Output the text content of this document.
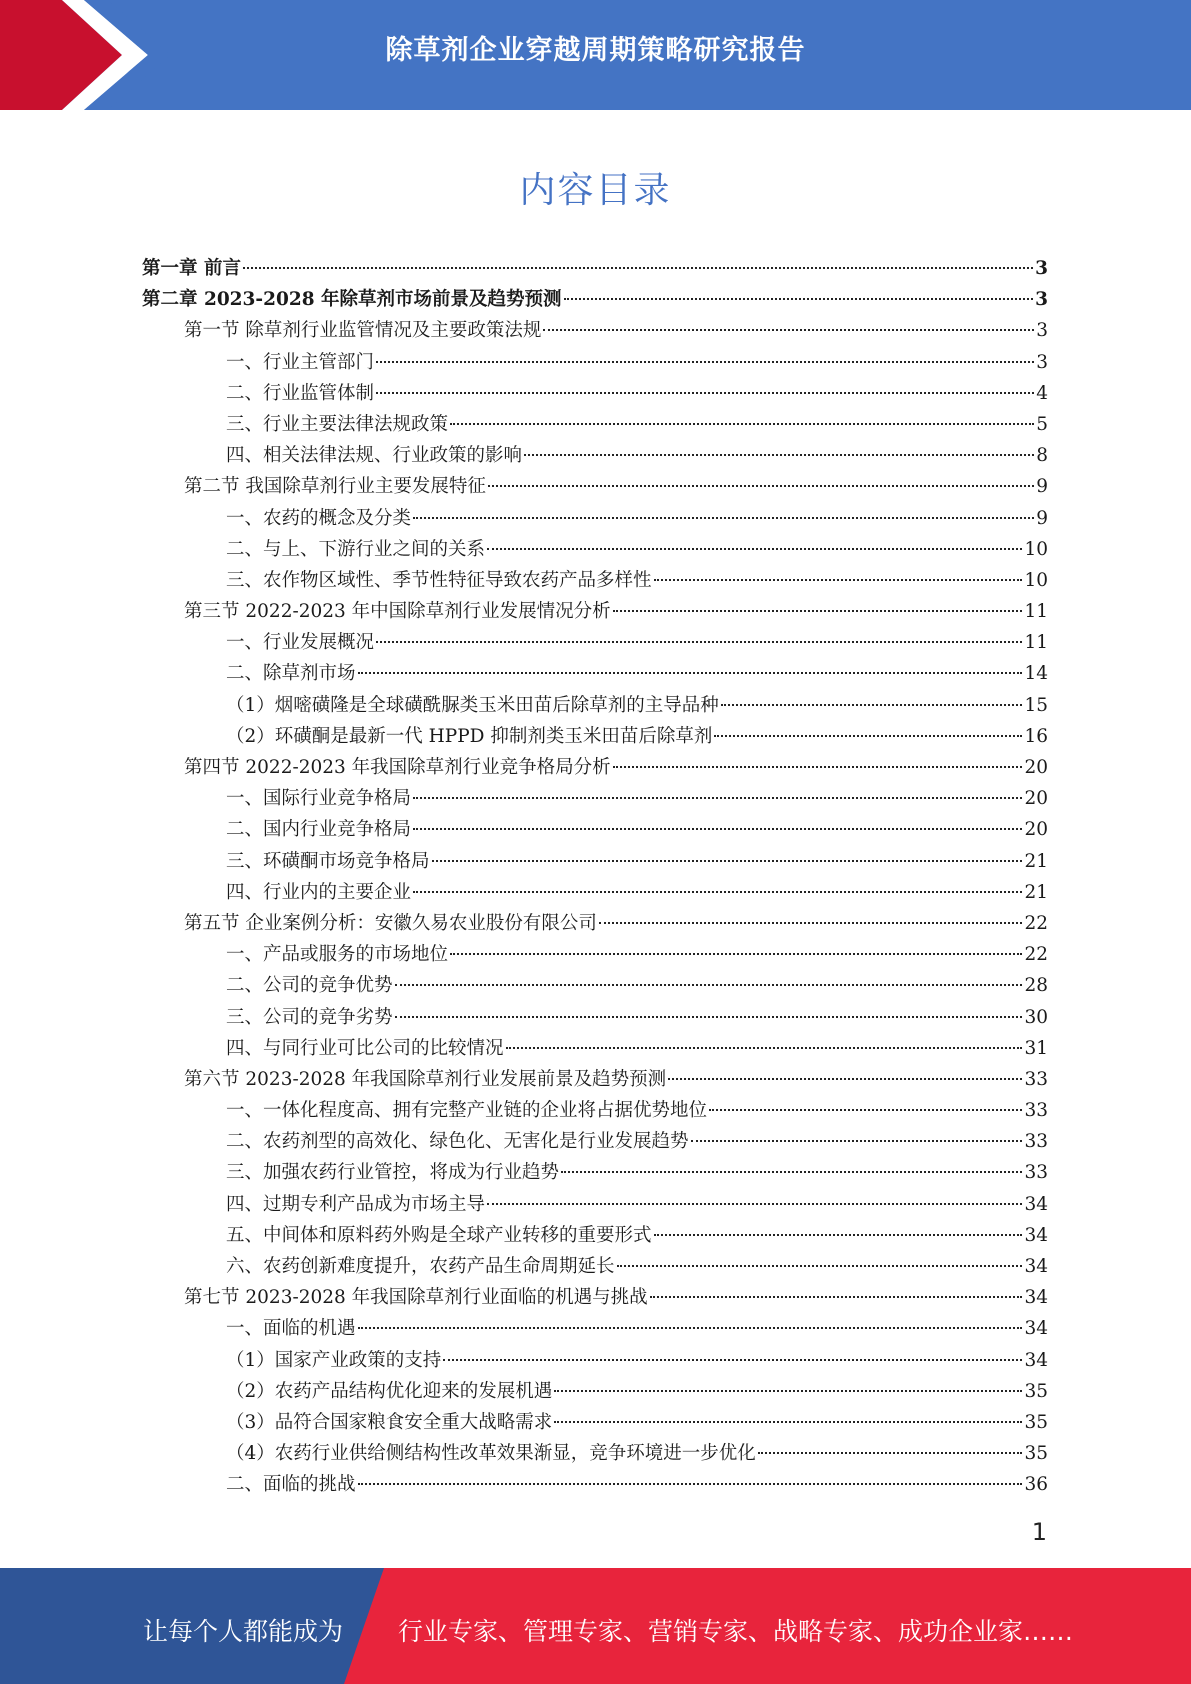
除草剂企业穿越周期策略研究报告
内容目录
第一章 前言	3
第二章 2023-2028 年除草剂市场前景及趋势预测	3
第一节 除草剂行业监管情况及主要政策法规	3
一、行业主管部门	3
二、行业监管体制	4
三、行业主要法律法规政策	5
四、相关法律法规、行业政策的影响	8
第二节 我国除草剂行业主要发展特征	9
一、农药的概念及分类	9
二、与上、下游行业之间的关系	10
三、农作物区域性、季节性特征导致农药产品多样性	10
第三节 2022-2023 年中国除草剂行业发展情况分析	11
一、行业发展概况	11
二、除草剂市场	14
（1）烟嘧磺隆是全球磺酰脲类玉米田苗后除草剂的主导品种	15
（2）环磺酮是最新一代 HPPD 抑制剂类玉米田苗后除草剂	16
第四节 2022-2023 年我国除草剂行业竞争格局分析	20
一、国际行业竞争格局	20
二、国内行业竞争格局	20
三、环磺酮市场竞争格局	21
四、行业内的主要企业	21
第五节 企业案例分析：安徽久易农业股份有限公司	22
一、产品或服务的市场地位	22
二、公司的竞争优势	28
三、公司的竞争劣势	30
四、与同行业可比公司的比较情况	31
第六节 2023-2028 年我国除草剂行业发展前景及趋势预测	33
一、一体化程度高、拥有完整产业链的企业将占据优势地位	33
二、农药剂型的高效化、绿色化、无害化是行业发展趋势	33
三、加强农药行业管控，将成为行业趋势	33
四、过期专利产品成为市场主导	34
五、中间体和原料药外购是全球产业转移的重要形式	34
六、农药创新难度提升，农药产品生命周期延长	34
第七节 2023-2028 年我国除草剂行业面临的机遇与挑战	34
一、面临的机遇	34
（1）国家产业政策的支持	34
（2）农药产品结构优化迎来的发展机遇	35
（3）品符合国家粮食安全重大战略需求	35
（4）农药行业供给侧结构性改革效果渐显，竞争环境进一步优化	35
二、面临的挑战	36
1
让每个人都能成为 行业专家、管理专家、营销专家、战略专家、成功企业家……
